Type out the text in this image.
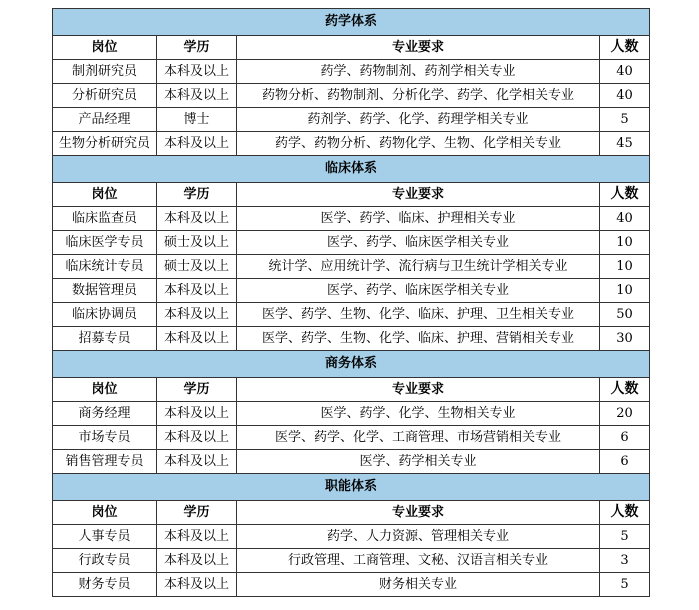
药学体系			
岗位	学历	专业要求	人数
制剂研究员	本科及以上	药学、药物制剂、药剂学相关专业	40
分析研究员	本科及以上	药物分析、药物制剂、分析化学、药学、化学相关专业	40
产品经理	博士	药剂学、药学、化学、药理学相关专业	5
生物分析研究员	本科及以上	药学、药物分析、药物化学、生物、化学相关专业	45
临床体系			
岗位	学历	专业要求	人数
临床监查员	本科及以上	医学、药学、临床、护理相关专业	40
临床医学专员	硕士及以上	医学、药学、临床医学相关专业	10
临床统计专员	硕士及以上	统计学、应用统计学、流行病与卫生统计学相关专业	10
数据管理员	本科及以上	医学、药学、临床医学相关专业	10
临床协调员	本科及以上	医学、药学、生物、化学、临床、护理、卫生相关专业	50
招募专员	本科及以上	医学、药学、生物、化学、临床、护理、营销相关专业	30
商务体系			
岗位	学历	专业要求	人数
商务经理	本科及以上	医学、药学、化学、生物相关专业	20
市场专员	本科及以上	医学、药学、化学、工商管理、市场营销相关专业	6
销售管理专员	本科及以上	医学、药学相关专业	6
职能体系			
岗位	学历	专业要求	人数
人事专员	本科及以上	药学、人力资源、管理相关专业	5
行政专员	本科及以上	行政管理、工商管理、文秘、汉语言相关专业	3
财务专员	本科及以上	财务相关专业	5
